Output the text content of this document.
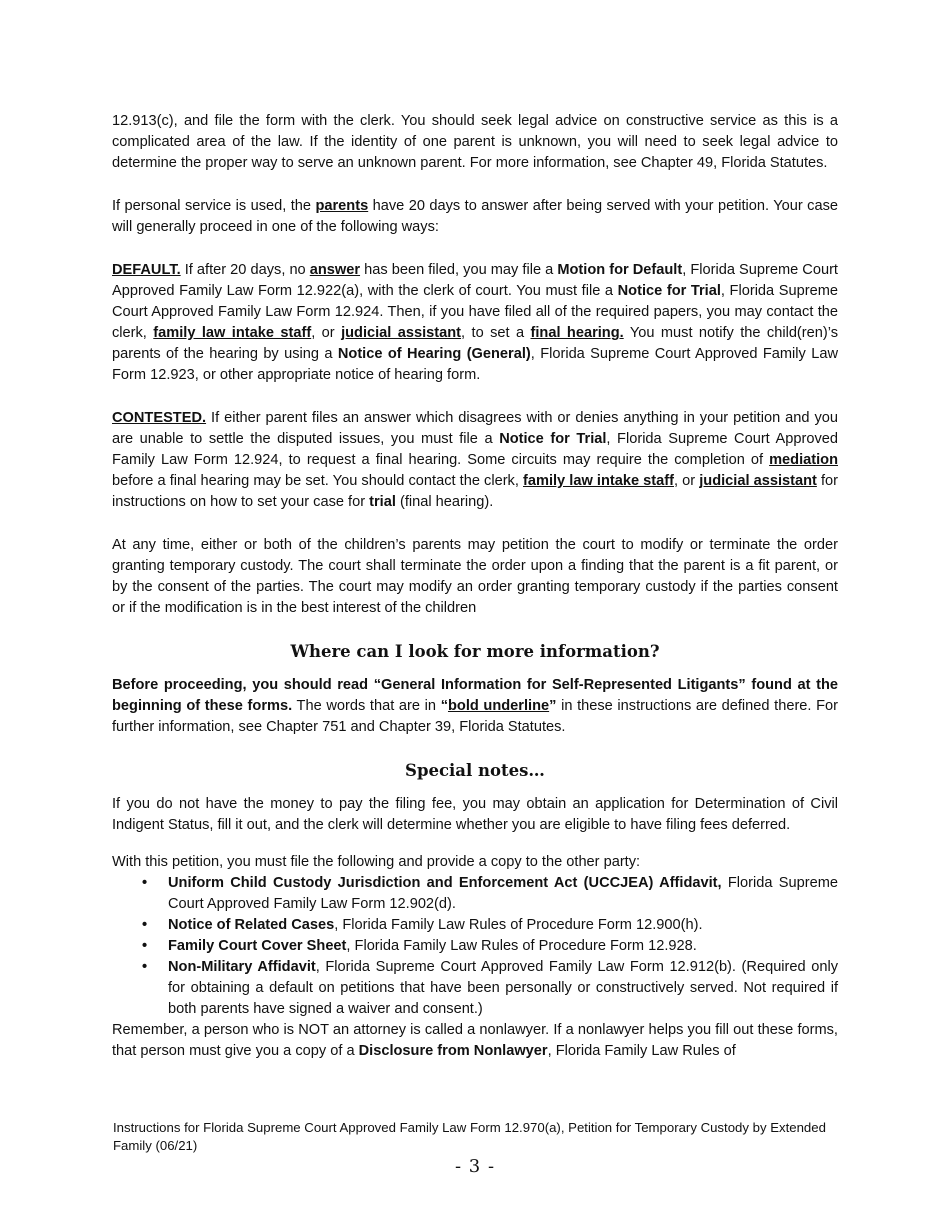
12.913(c), and file the form with the clerk. You should seek legal advice on constructive service as this is a complicated area of the law. If the identity of one parent is unknown, you will need to seek legal advice to determine the proper way to serve an unknown parent. For more information, see Chapter 49, Florida Statutes.

If personal service is used, the parents have 20 days to answer after being served with your petition. Your case will generally proceed in one of the following ways:

DEFAULT. If after 20 days, no answer has been filed, you may file a Motion for Default, Florida Supreme Court Approved Family Law Form 12.922(a), with the clerk of court. You must file a Notice for Trial, Florida Supreme Court Approved Family Law Form 12.924. Then, if you have filed all of the required papers, you may contact the clerk, family law intake staff, or judicial assistant, to set a final hearing. You must notify the child(ren)’s parents of the hearing by using a Notice of Hearing (General), Florida Supreme Court Approved Family Law Form 12.923, or other appropriate notice of hearing form.

CONTESTED. If either parent files an answer which disagrees with or denies anything in your petition and you are unable to settle the disputed issues, you must file a Notice for Trial, Florida Supreme Court Approved Family Law Form 12.924, to request a final hearing. Some circuits may require the completion of mediation before a final hearing may be set. You should contact the clerk, family law intake staff, or judicial assistant for instructions on how to set your case for trial (final hearing).

At any time, either or both of the children’s parents may petition the court to modify or terminate the order granting temporary custody. The court shall terminate the order upon a finding that the parent is a fit parent, or by the consent of the parties. The court may modify an order granting temporary custody if the parties consent or if the modification is in the best interest of the children

Where can I look for more information?

Before proceeding, you should read “General Information for Self-Represented Litigants” found at the beginning of these forms. The words that are in “bold underline” in these instructions are defined there. For further information, see Chapter 751 and Chapter 39, Florida Statutes.

Special notes…

If you do not have the money to pay the filing fee, you may obtain an application for Determination of Civil Indigent Status, fill it out, and the clerk will determine whether you are eligible to have filing fees deferred.

With this petition, you must file the following and provide a copy to the other party:

• Uniform Child Custody Jurisdiction and Enforcement Act (UCCJEA) Affidavit, Florida Supreme Court Approved Family Law Form 12.902(d).
• Notice of Related Cases, Florida Family Law Rules of Procedure Form 12.900(h).
• Family Court Cover Sheet, Florida Family Law Rules of Procedure Form 12.928.
• Non-Military Affidavit, Florida Supreme Court Approved Family Law Form 12.912(b). (Required only for obtaining a default on petitions that have been personally or constructively served. Not required if both parents have signed a waiver and consent.)

Remember, a person who is NOT an attorney is called a nonlawyer. If a nonlawyer helps you fill out these forms, that person must give you a copy of a Disclosure from Nonlawyer, Florida Family Law Rules of

Instructions for Florida Supreme Court Approved Family Law Form 12.970(a), Petition for Temporary Custody by Extended Family (06/21)
- 3 -
